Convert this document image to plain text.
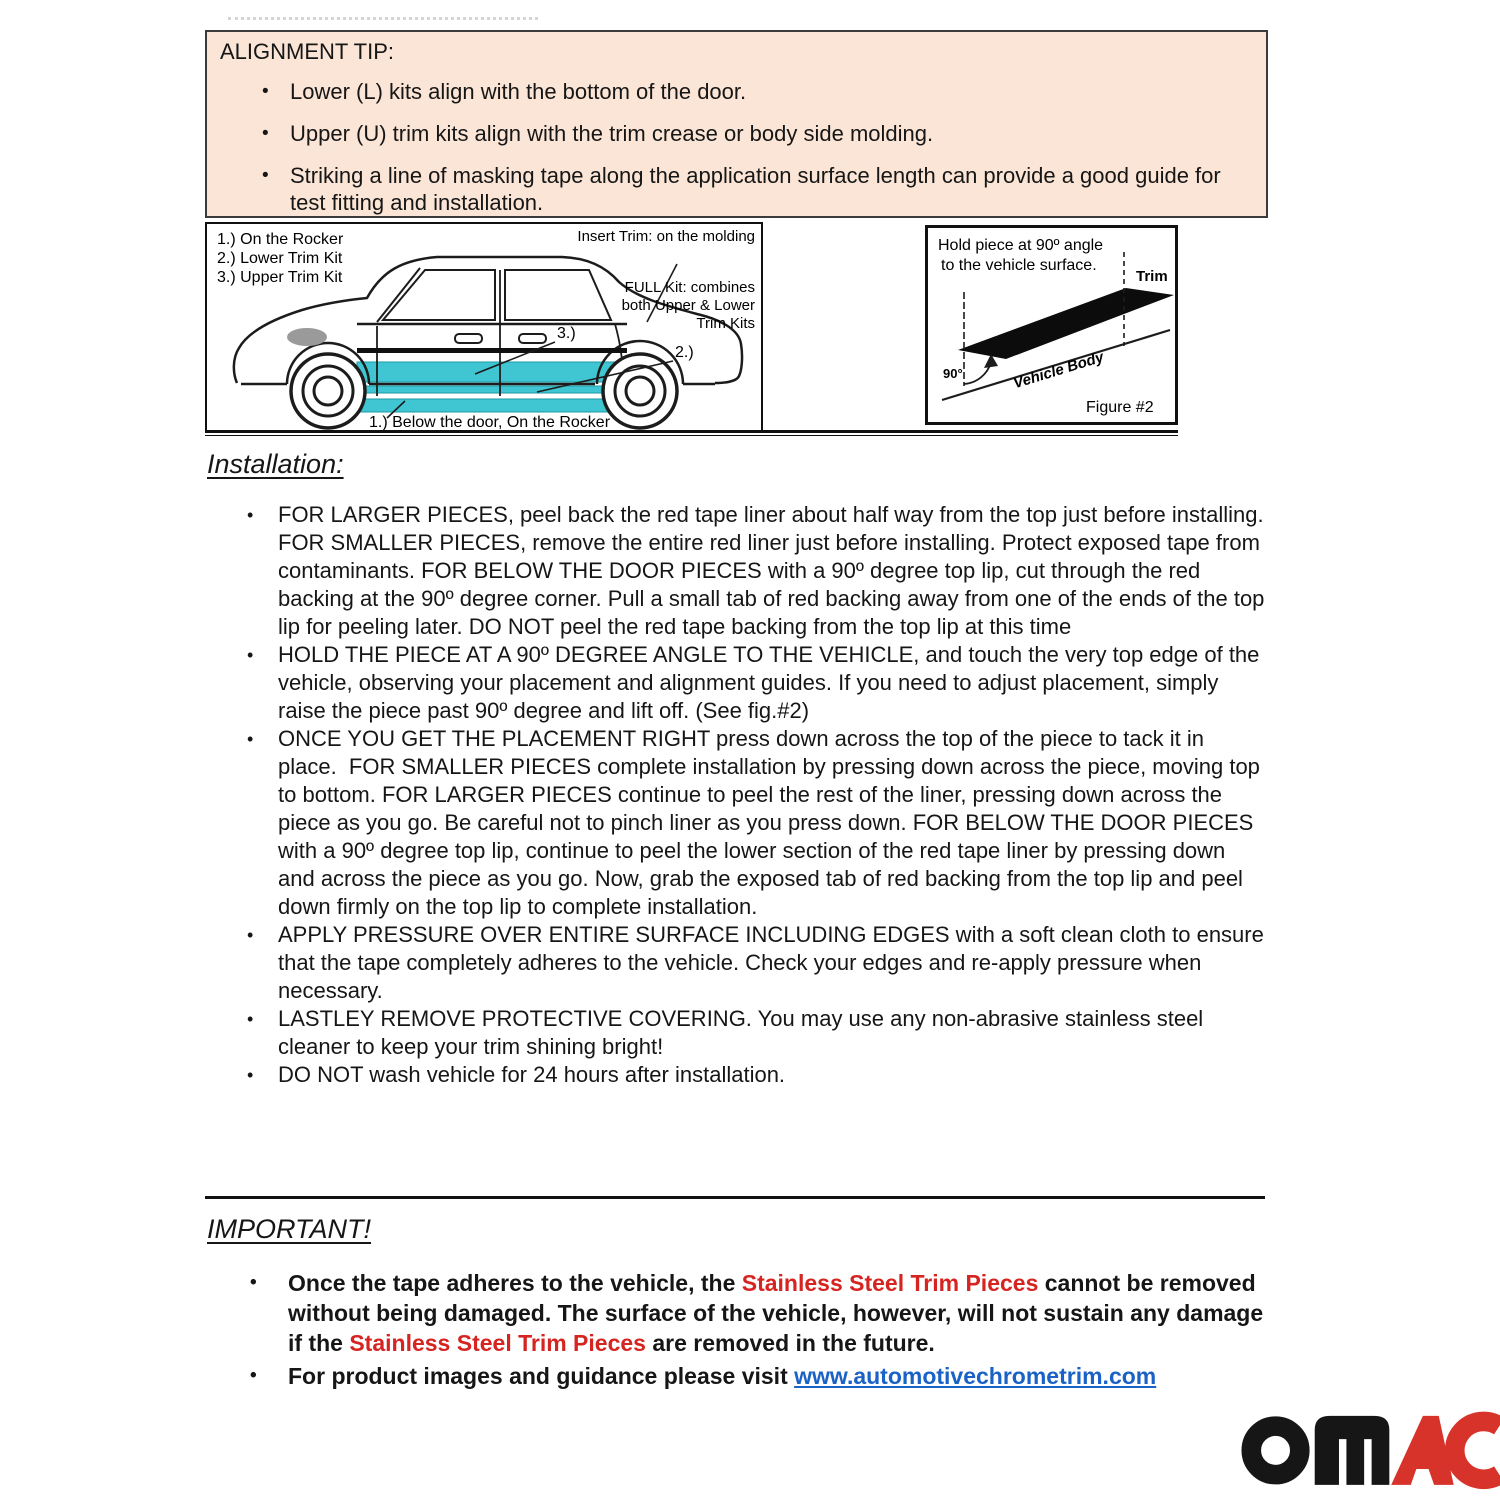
ALIGNMENT TIP:
• Lower (L) kits align with the bottom of the door.
• Upper (U) trim kits align with the trim crease or body side molding.
• Striking a line of masking tape along the application surface length can provide a good guide for test fitting and installation.
1.) On the Rocker
2.) Lower Trim Kit
3.) Upper Trim Kit
Insert Trim: on the molding
FULL Kit: combines
both Upper & Lower
Trim Kits
3.)
2.)
1.) Below the door, On the Rocker
Hold piece at 90º angle
to the vehicle surface.
90°
Trim
Vehicle Body
Figure #2
Installation:
•	FOR LARGER PIECES, peel back the red tape liner about half way from the top just before installing. FOR SMALLER PIECES, remove the entire red liner just before installing. Protect exposed tape from contaminants. FOR BELOW THE DOOR PIECES with a 90º degree top lip, cut through the red backing at the 90º degree corner. Pull a small tab of red backing away from one of the ends of the top lip for peeling later. DO NOT peel the red tape backing from the top lip at this time
•	HOLD THE PIECE AT A 90º DEGREE ANGLE TO THE VEHICLE, and touch the very top edge of the vehicle, observing your placement and alignment guides. If you need to adjust placement, simply raise the piece past 90º degree and lift off. (See fig.#2)
•	ONCE YOU GET THE PLACEMENT RIGHT press down across the top of the piece to tack it in place.  FOR SMALLER PIECES complete installation by pressing down across the piece, moving top to bottom. FOR LARGER PIECES continue to peel the rest of the liner, pressing down across the piece as you go. Be careful not to pinch liner as you press down. FOR BELOW THE DOOR PIECES with a 90º degree top lip, continue to peel the lower section of the red tape liner by pressing down and across the piece as you go. Now, grab the exposed tab of red backing from the top lip and peel down firmly on the top lip to complete installation.
•	APPLY PRESSURE OVER ENTIRE SURFACE INCLUDING EDGES with a soft clean cloth to ensure that the tape completely adheres to the vehicle. Check your edges and re-apply pressure when necessary.
•	LASTLEY REMOVE PROTECTIVE COVERING. You may use any non-abrasive stainless steel cleaner to keep your trim shining bright!
•	DO NOT wash vehicle for 24 hours after installation.
IMPORTANT!
•	Once the tape adheres to the vehicle, the Stainless Steel Trim Pieces cannot be removed without being damaged. The surface of the vehicle, however, will not sustain any damage if the Stainless Steel Trim Pieces are removed in the future.
•	For product images and guidance please visit www.automotivechrometrim.com
